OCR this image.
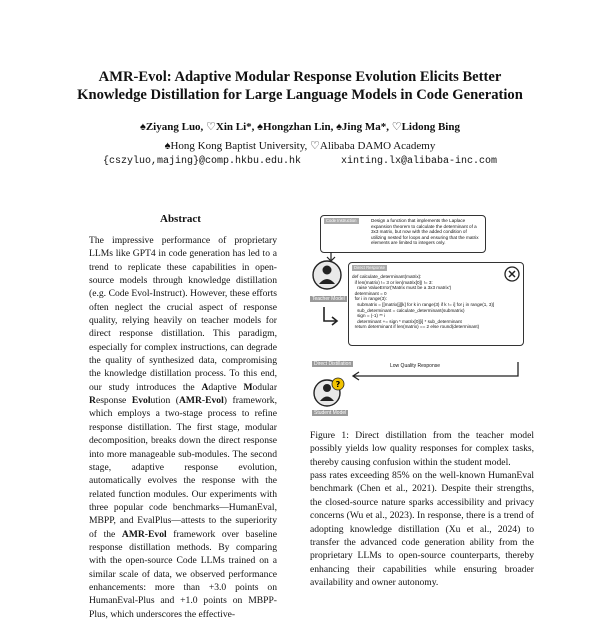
AMR-Evol: Adaptive Modular Response Evolution Elicits Better
Knowledge Distillation for Large Language Models in Code Generation
♠Ziyang Luo, ♡Xin Li*, ♠Hongzhan Lin, ♠Jing Ma*, ♡Lidong Bing
♠Hong Kong Baptist University, ♡Alibaba DAMO Academy
{cszyluo,majing}@comp.hkbu.edu.hk	xinting.lx@alibaba-inc.com
Abstract
The impressive performance of proprietary LLMs like GPT4 in code generation has led to a trend to replicate these capabilities in open-source models through knowledge distillation (e.g. Code Evol-Instruct). However, these efforts often neglect the crucial aspect of response quality, relying heavily on teacher models for direct response distillation. This paradigm, especially for complex instructions, can degrade the quality of synthesized data, compromising the knowledge distillation process. To this end, our study introduces the Adaptive Modular Response Evolution (AMR-Evol) framework, which employs a two-stage process to refine response distillation. The first stage, modular decomposition, breaks down the direct response into more manageable sub-modules. The second stage, adaptive response evolution, automatically evolves the response with the related function modules. Our experiments with three popular code benchmarks—HumanEval, MBPP, and EvalPlus—attests to the superiority of the AMR-Evol framework over baseline response distillation methods. By comparing with the open-source Code LLMs trained on a similar scale of data, we observed performance enhancements: more than +3.0 points on HumanEval-Plus and +1.0 points on MBPP-Plus, which underscores the effective-
Code Instruction	Design a function that implements the Laplace expansion theorem to calculate the determinant of a 3x3 matrix, but now with the added condition of utilizing nested for loops and ensuring that the matrix elements are limited to integers only.
Teacher Model
Direct Response
def calculate_determinant(matrix):
if len(matrix) != 3 or len(matrix[0]) != 3:
raise ValueError('Matrix must be a 3x3 matrix')
determinant = 0
for i in range(3):
submatrix = [[matrix[j][k] for k in range(3) if k != i] for j in range(1, 3)]
sub_determinant = calculate_determinant(submatrix)
sign = (-1) ** i
determinant += sign * matrix[0][i] * sub_determinant
return determinant if len(matrix) == 2 else round(determinant)
Direct Distillation	Low Quality Response
?
Student Model
Figure 1: Direct distillation from the teacher model possibly yields low quality responses for complex tasks, thereby causing confusion within the student model.
pass rates exceeding 85% on the well-known HumanEval benchmark (Chen et al., 2021). Despite their strengths, the closed-source nature sparks accessibility and privacy concerns (Wu et al., 2023). In response, there is a trend of adopting knowledge distillation (Xu et al., 2024) to transfer the advanced code generation ability from the proprietary LLMs to open-source counterparts, thereby enhancing their capabilities while ensuring broader availability and owner autonomy.
